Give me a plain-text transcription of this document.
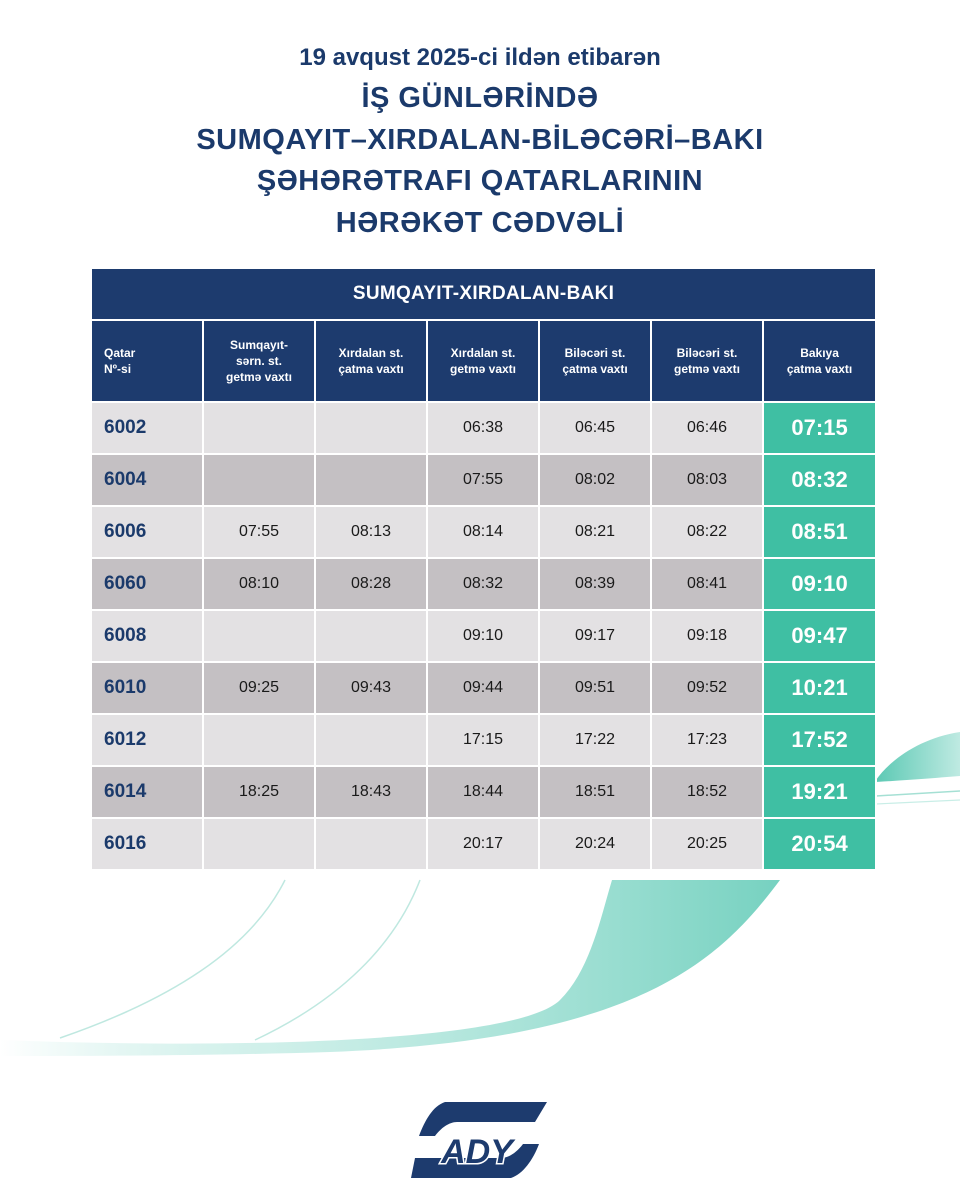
19 avqust 2025-ci ildən etibarən
İŞ GÜNLƏRİNDƏ
SUMQAYIT–XIRDALAN-BİLƏCƏRİ–BAKI
ŞƏHƏRƏTRAFI QATARLARININ
HƏRƏKƏT CƏDVƏLİ
SUMQAYIT-XIRDALAN-BAKI						
Qatar
Nº-si	Sumqayıt-
sərn. st.
getmə vaxtı	Xırdalan st.
çatma vaxtı	Xırdalan st.
getmə vaxtı	Biləcəri st.
çatma vaxtı	Biləcəri st.
getmə vaxtı	Bakıya
çatma vaxtı
6002			06:38	06:45	06:46	07:15
6004			07:55	08:02	08:03	08:32
6006	07:55	08:13	08:14	08:21	08:22	08:51
6060	08:10	08:28	08:32	08:39	08:41	09:10
6008			09:10	09:17	09:18	09:47
6010	09:25	09:43	09:44	09:51	09:52	10:21
6012			17:15	17:22	17:23	17:52
6014	18:25	18:43	18:44	18:51	18:52	19:21
6016			20:17	20:24	20:25	20:54
ADY
